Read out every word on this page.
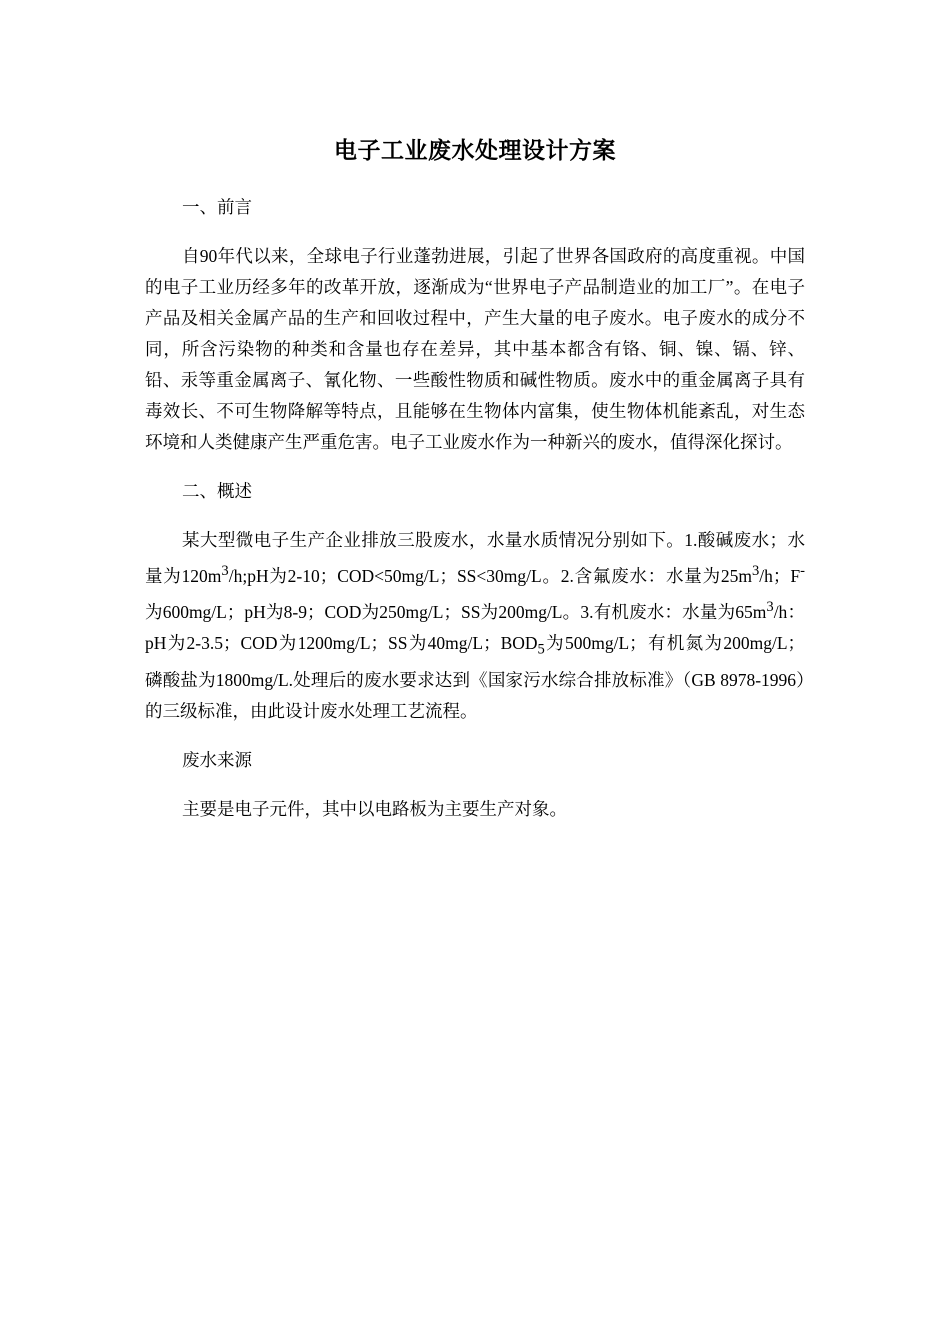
电子工业废水处理设计方案

一、前言

自90年代以来，全球电子行业蓬勃进展，引起了世界各国政府的高度重视。中国的电子工业历经多年的改革开放，逐渐成为“世界电子产品制造业的加工厂”。在电子产品及相关金属产品的生产和回收过程中，产生大量的电子废水。电子废水的成分不同，所含污染物的种类和含量也存在差异，其中基本都含有铬、铜、镍、镉、锌、铅、汞等重金属离子、氰化物、一些酸性物质和碱性物质。废水中的重金属离子具有毒效长、不可生物降解等特点，且能够在生物体内富集，使生物体机能紊乱，对生态环境和人类健康产生严重危害。电子工业废水作为一种新兴的废水，值得深化探讨。

二、概述

某大型微电子生产企业排放三股废水，水量水质情况分别如下。1.酸碱废水；水量为$120m^3/h;pH$为2-10；COD<50mg/L；SS<30mg/L。2.含氟废水：水量为$25m^3/h$；F-为600mg/L；pH为8-9；COD为250mg/L；SS为200mg/L。3.有机废水：水量为$65m^3/h$：pH为2-3.5；COD为1200mg/L；SS为40mg/L；$BOD_5$为500mg/L；有机氮为200mg/L；磷酸盐为1800mg/L.处理后的废水要求达到《国家污水综合排放标准》（GB 8978-1996）的三级标准，由此设计废水处理工艺流程。

废水来源

主要是电子元件，其中以电路板为主要生产对象。
